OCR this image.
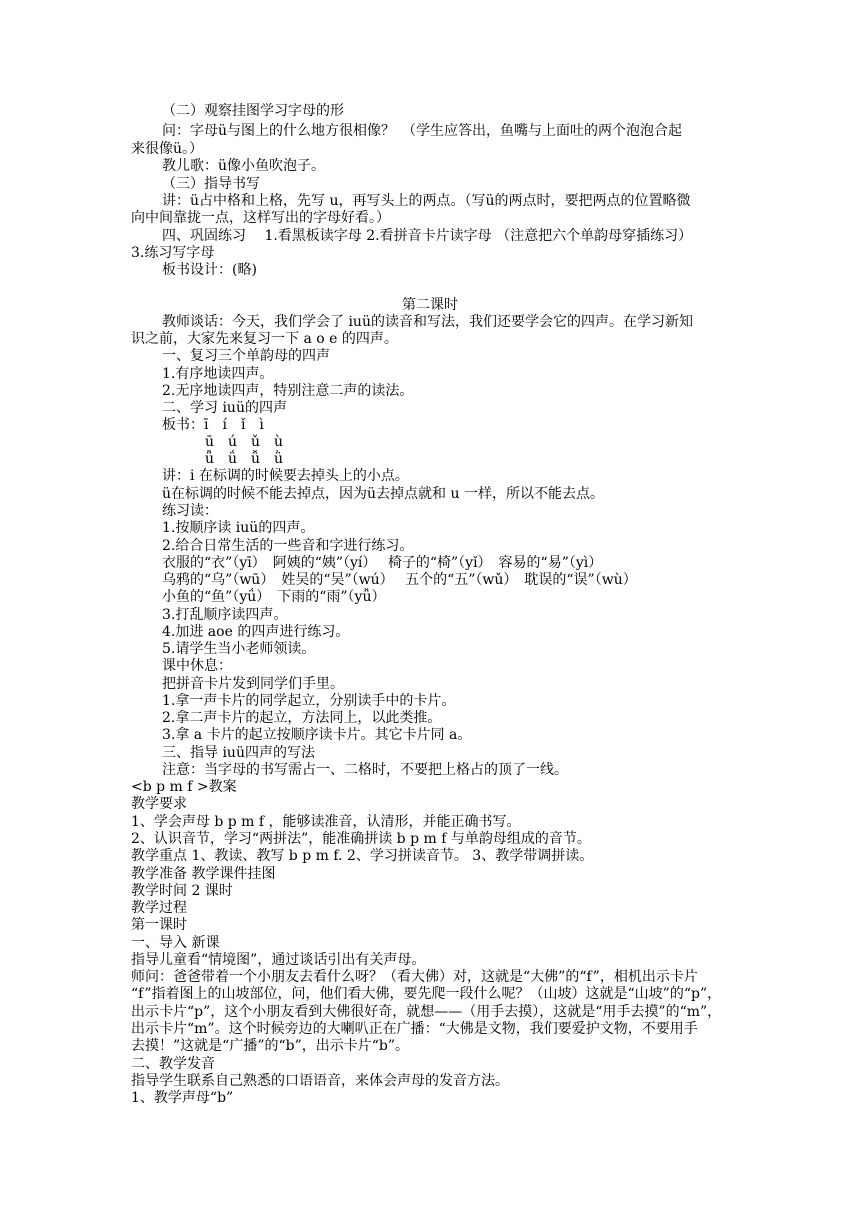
（二）观察挂图学习字母的形
问：字母ü与图上的什么地方很相像？　（学生应答出，鱼嘴与上面吐的两个泡泡合起
来很像ü。）
教儿歌：ü像小鱼吹泡子。
（三）指导书写
讲：ü占中格和上格，先写 u，再写头上的两点。（写ü的两点时，要把两点的位置略微
向中间靠拢一点，这样写出的字母好看。）
四、巩固练习　 1.看黑板读字母 2.看拼音卡片读字母 （注意把六个单韵母穿插练习）
3.练习写字母
板书设计：(略)
第二课时
教师谈话：今天，我们学会了 iuü的读音和写法，我们还要学会它的四声。在学习新知
识之前，大家先来复习一下 a o e 的四声。
一、复习三个单韵母的四声
1.有序地读四声。
2.无序地读四声，特别注意二声的读法。
二、学习 iuü的四声
板书：ī　í　ǐ　ì
ū　ú　ǔ　ù
ǖ　ǘ　ǚ　ǜ
讲：i 在标调的时候要去掉头上的小点。
ü在标调的时候不能去掉点，因为ü去掉点就和 u 一样，所以不能去点。
练习读：
1.按顺序读 iuü的四声。
2.给合日常生活的一些音和字进行练习。
衣服的“衣”（yī）　阿姨的“姨”（yí）　 椅子的“椅”（yǐ）　容易的“易”（yì）
乌鸦的“乌”（wū）　姓吴的“吴”（wú）　 五个的“五”（wǔ）　耽误的“误”（wù）
小鱼的“鱼”（yǘ）　下雨的“雨”（yǚ）
3.打乱顺序读四声。
4.加进 aoe 的四声进行练习。
5.请学生当小老师领读。
课中休息：
把拼音卡片发到同学们手里。
1.拿一声卡片的同学起立，分别读手中的卡片。
2.拿二声卡片的起立，方法同上，以此类推。
3.拿 a 卡片的起立按顺序读卡片。其它卡片同 a。
三、指导 iuü四声的写法
注意：当字母的书写需占一、二格时，不要把上格占的顶了一线。
<b p m f >教案
教学要求
1、学会声母 b p m f ，能够读准音，认清形，并能正确书写。
2、认识音节，学习“两拼法”，能准确拼读 b p m f 与单韵母组成的音节。
教学重点 1、教读、教写 b p m f. 2、学习拼读音节。 3、教学带调拼读。
教学准备 教学课件挂图
教学时间 2 课时
教学过程
第一课时
一、导入 新课
指导儿童看“情境图”，通过谈话引出有关声母。
师问：爸爸带着一个小朋友去看什么呀？（看大佛）对，这就是“大佛”的“f”，相机出示卡片
“f”指着图上的山坡部位，问，他们看大佛，要先爬一段什么呢？（山坡）这就是“山坡”的“p”，
出示卡片“p”，这个小朋友看到大佛很好奇，就想——（用手去摸），这就是“用手去摸”的“m”，
出示卡片“m”。这个时候旁边的大喇叭正在广播：“大佛是文物，我们要爱护文物，不要用手
去摸！”这就是“广播”的“b”，出示卡片“b”。
二、教学发音
指导学生联系自己熟悉的口语语音，来体会声母的发音方法。
1、教学声母“b”
